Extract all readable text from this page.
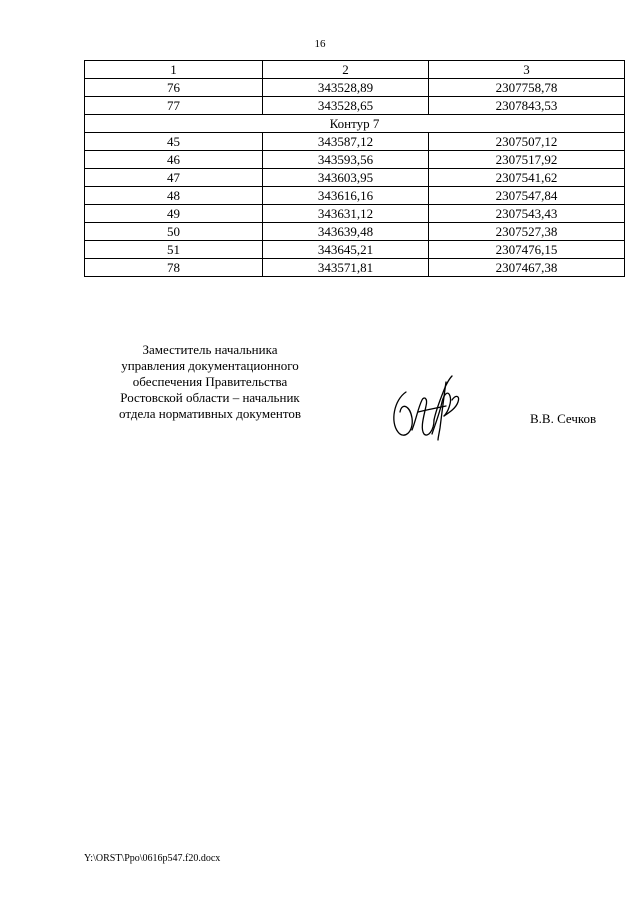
16
1	2	3
76	343528,89	2307758,78
77	343528,65	2307843,53
Контур 7		
45	343587,12	2307507,12
46	343593,56	2307517,92
47	343603,95	2307541,62
48	343616,16	2307547,84
49	343631,12	2307543,43
50	343639,48	2307527,38
51	343645,21	2307476,15
78	343571,81	2307467,38
Заместитель начальника
управления документационного
обеспечения Правительства
Ростовской области – начальник
отдела нормативных документов	В.В. Сечков
Y:\ORST\Ppo\0616p547.f20.docx
